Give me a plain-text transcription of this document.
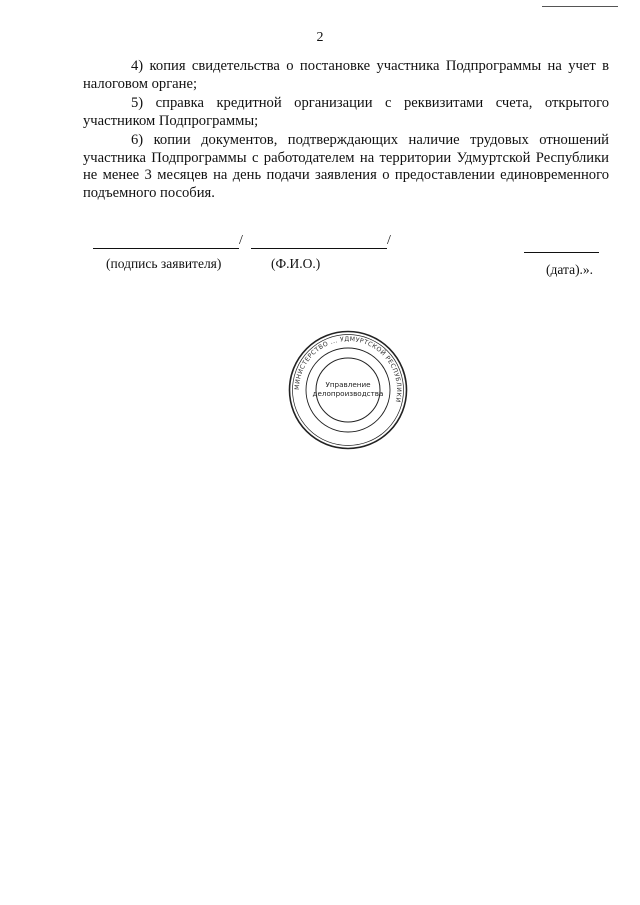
2

4) копия свидетельства о постановке участника Подпрограммы на учет в налоговом органе;

5) справка кредитной организации с реквизитами счета, открытого участником Подпрограммы;

6) копии документов, подтверждающих наличие трудовых отношений участника Подпрограммы с работодателем на территории Удмуртской Республики не менее 3 месяцев на день подачи заявления о предоставлении единовременного подъемного пособия.

/	/
(подпись заявителя)	(Ф.И.О.)	(дата).».
МИНИСТЕРСТВО ... УДМУРТСКОЙ РЕСПУБЛИКИ
Управление
делопроизводства
